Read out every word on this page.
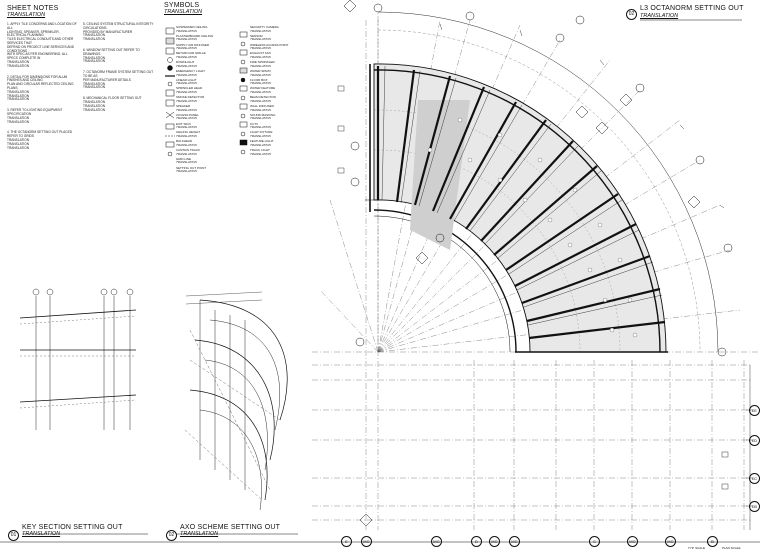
SHEET NOTES
TRANSLATION
1. APPLY TILE CONCERNS AND LOCATION OF ALL
LIGHTING, SPEAKER, SPRINKLER, ELECTRICAL PLANNING
TILES ELECTRICAL CONDUITS AND OTHER SERVICES THAT
DEPEND ON PROJECT LINE SERVICES AND CONDITIONS
WITH SPEC AS PER ENGINEERING. ALL SPECS COMPLETE IN
TRANSLATION
TRANSLATION
2. DETAIL FOR DIMENSIONS FOR ALUM FINISHES AND CEILING
PLAN AND CIRCULAR REFLECTED CEILING PLANS
TRANSLATION
TRANSLATION
TRANSLATION
3. REFER TO LIGHTING EQUIPMENT SPECIFICATION
TRANSLATION
TRANSLATION
4. THE OCTANORM SETTING OUT PLACED REFER TO GRIDS
TRANSLATION
TRANSLATION
TRANSLATION
5. CEILING SYSTEM STRUCTURAL INTEGRITY CIRCULATIONS
PROVIDED BY MANUFACTURER
TRANSLATION
TRANSLATION
6. WINDOW SETTING OUT REFER TO DRAWINGS
TRANSLATION
TRANSLATION
7. OCTANORM FRAME SYSTEM SETTING OUT TO BE AS
PER MANUFACTURER DETAILS
TRANSLATION
TRANSLATION
8. MECHANICAL FLOOR SETTING OUT
TRANSLATION
TRANSLATION
TRANSLATION
SYMBOLS
TRANSLATION
SUSPENDED CEILING
TRANSLATION
PLASTERBOARD CEILING
TRANSLATION
SUPPLY AIR DIFFUSER
TRANSLATION
RETURN AIR GRILLE
TRANSLATION
DOWNLIGHT
TRANSLATION
EMERGENCY LIGHT
TRANSLATION
LINEAR LIGHT
TRANSLATION
SPRINKLER HEAD
TRANSLATION
SMOKE DETECTOR
TRANSLATION
SPEAKER
TRANSLATION
ACCESS PANEL
TRANSLATION
EXIT SIGN
TRANSLATION
CEILING HEIGHT
TRANSLATION
BULKHEAD
TRANSLATION
CURTAIN TRACK
TRANSLATION
GRID LINE
TRANSLATION
SETTING OUT POINT
TRANSLATION
SECURITY CAMERA
TRANSLATION
SENSOR
TRANSLATION
WIRELESS ACCESS POINT
TRANSLATION
EXHAUST FAN
TRANSLATION
FIRE SPRINKLER
TRANSLATION
WATER SPRAY
TRANSLATION
FLOOR BOX
TRANSLATION
WATER FEATURE
TRANSLATION
BEAM DETECTOR
TRANSLATION
WALL DIFFUSER
TRANSLATION
SOUND MASKING
TRANSLATION
CCTV
TRANSLATION
LIGHT FIXTURE
TRANSLATION
FEATURE LIGHT
TRANSLATION
TRACK LIGHT
TRANSLATION
02
L3 OCTANORM SETTING OUT
TRANSLATION
01
KEY SECTION SETTING OUT
TRANSLATION	02
AXO SCHEME SETTING OUT
TRANSLATION
E	MG	MG	D	MG	MG	C	MG	MG	B
LE
LD
LC
LB
TYP. SCALE	PLAN SCALE
